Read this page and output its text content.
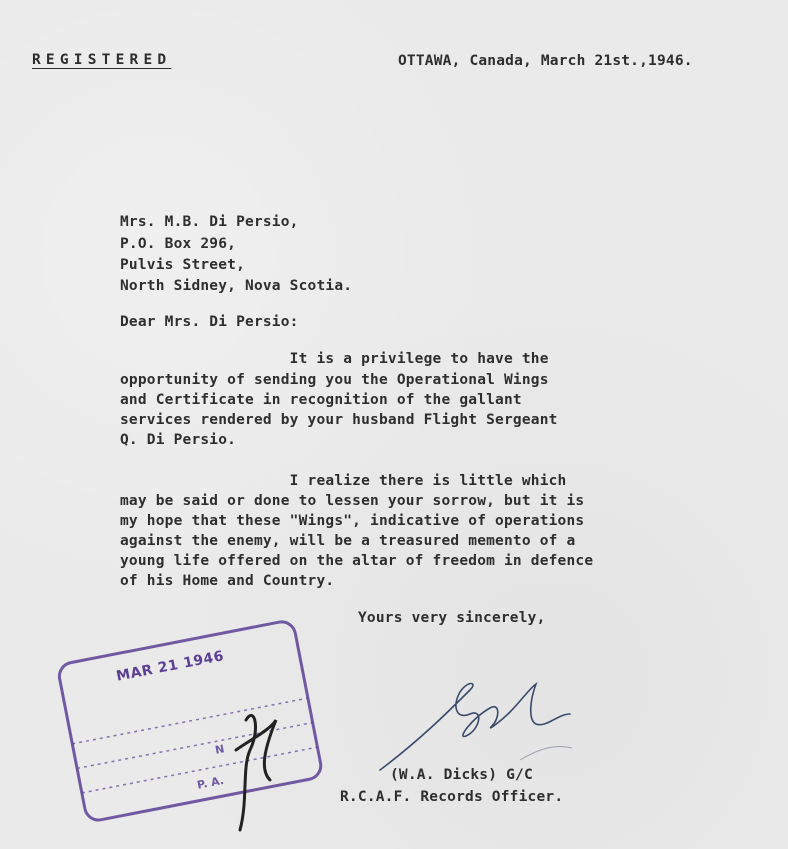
REGISTERED	OTTAWA, Canada, March 21st.,1946.
Mrs. M.B. Di Persio,
P.O. Box 296,
Pulvis Street,
North Sidney, Nova Scotia.
Dear Mrs. Di Persio:
It is a privilege to have the
opportunity of sending you the Operational Wings
and Certificate in recognition of the gallant
services rendered by your husband Flight Sergeant
Q. Di Persio.
I realize there is little which
may be said or done to lessen your sorrow, but it is
my hope that these "Wings", indicative of operations
against the enemy, will be a treasured memento of a
young life offered on the altar of freedom in defence
of his Home and Country.
Yours very sincerely,
(W.A. Dicks) G/C
R.C.A.F. Records Officer.
MAR 21 1946
N
P. A.
